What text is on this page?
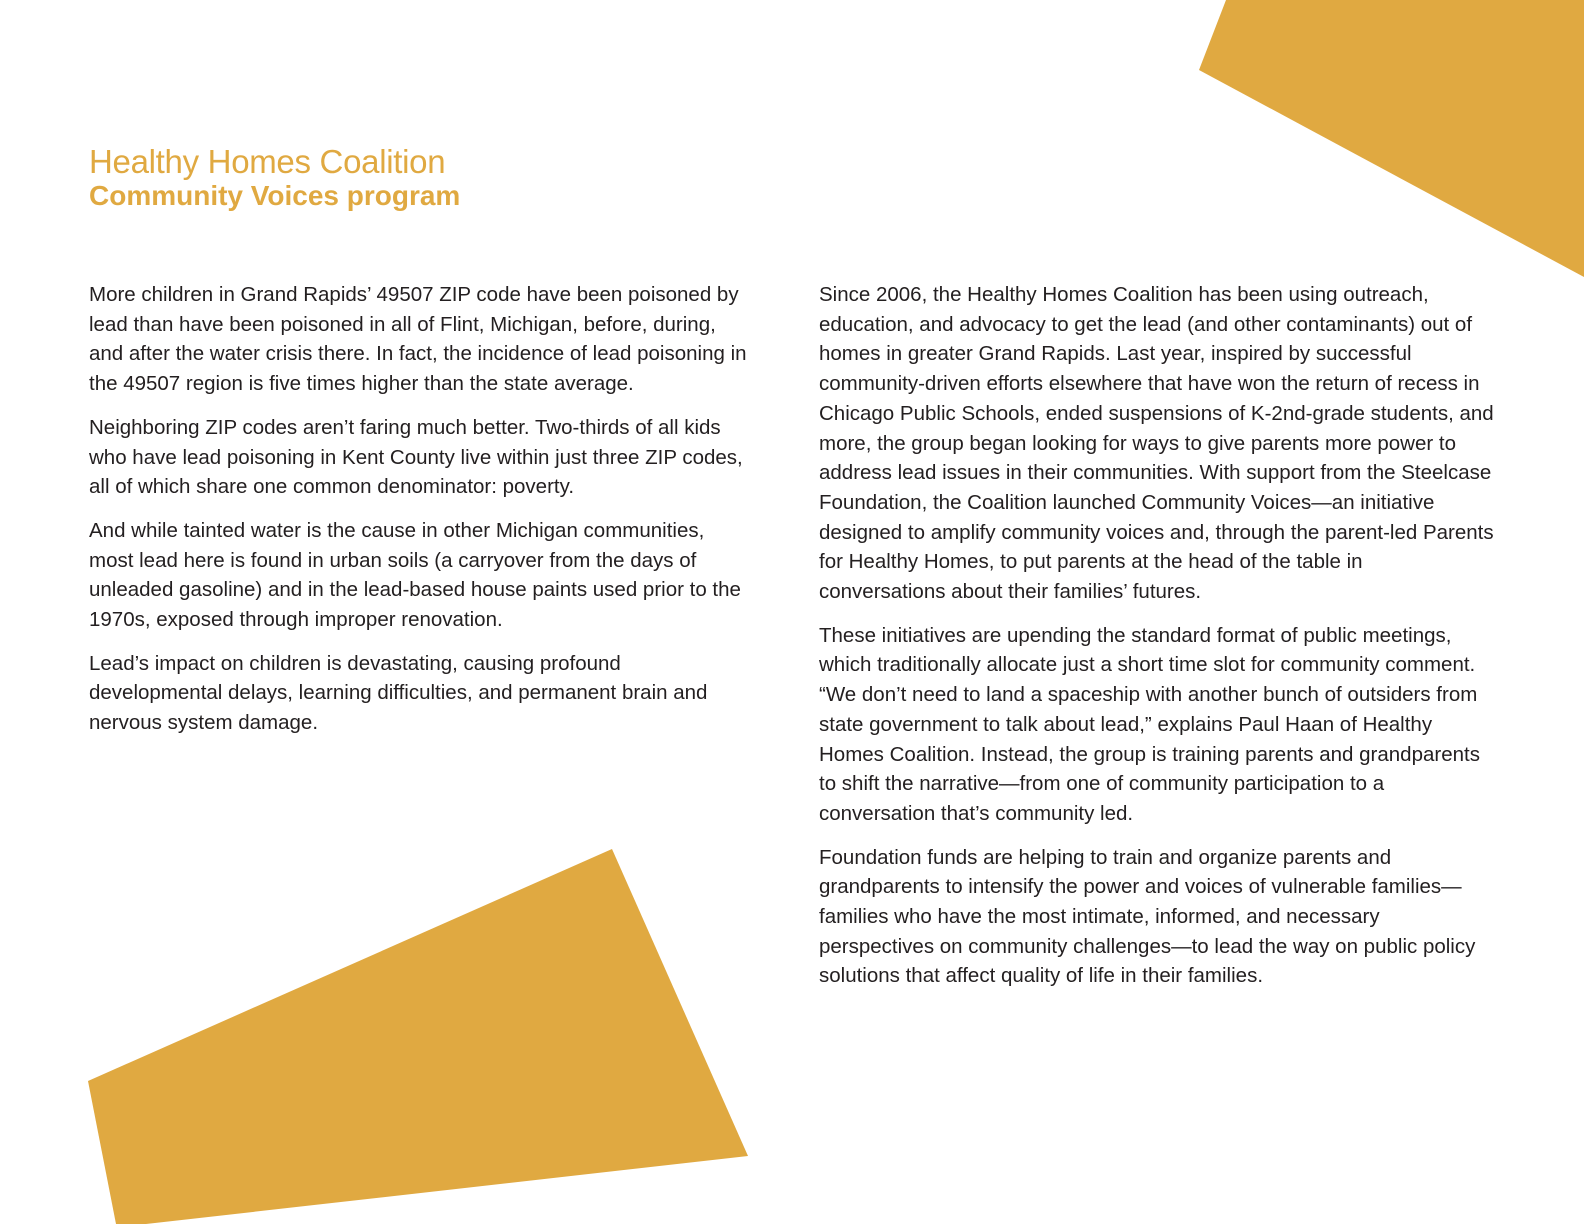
Healthy Homes Coalition
Community Voices program

More children in Grand Rapids’ 49507 ZIP code have been poisoned by lead than have been poisoned in all of Flint, Michigan, before, during, and after the water crisis there. In fact, the incidence of lead poisoning in the 49507 region is five times higher than the state average.

Neighboring ZIP codes aren’t faring much better. Two-thirds of all kids who have lead poisoning in Kent County live within just three ZIP codes, all of which share one common denominator: poverty.

And while tainted water is the cause in other Michigan communities, most lead here is found in urban soils (a carryover from the days of unleaded gasoline) and in the lead-based house paints used prior to the 1970s, exposed through improper renovation.

Lead’s impact on children is devastating, causing profound developmental delays, learning difficulties, and permanent brain and nervous system damage.

Since 2006, the Healthy Homes Coalition has been using outreach, education, and advocacy to get the lead (and other contaminants) out of homes in greater Grand Rapids. Last year, inspired by successful community-driven efforts elsewhere that have won the return of recess in Chicago Public Schools, ended suspensions of K-2nd-grade students, and more, the group began looking for ways to give parents more power to address lead issues in their communities. With support from the Steelcase Foundation, the Coalition launched Community Voices—an initiative designed to amplify community voices and, through the parent-led Parents for Healthy Homes, to put parents at the head of the table in conversations about their families’ futures.

These initiatives are upending the standard format of public meetings, which traditionally allocate just a short time slot for community comment. “We don’t need to land a spaceship with another bunch of outsiders from state government to talk about lead,” explains Paul Haan of Healthy Homes Coalition. Instead, the group is training parents and grandparents to shift the narrative—from one of community participation to a conversation that’s community led.

Foundation funds are helping to train and organize parents and grandparents to intensify the power and voices of vulnerable families—families who have the most intimate, informed, and necessary perspectives on community challenges—to lead the way on public policy solutions that affect quality of life in their families.
